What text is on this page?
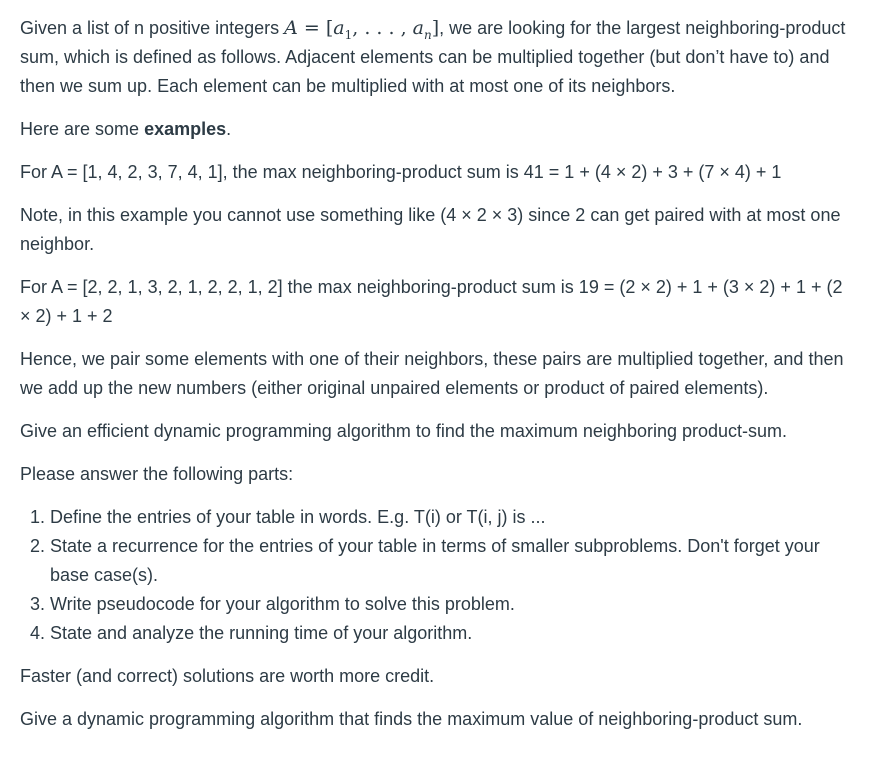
Given a list of n positive integers $A = [a_1$, . . . , $a_n$], we are looking for the largest neighboring-product sum, which is defined as follows. Adjacent elements can be multiplied together (but don’t have to) and then we sum up. Each element can be multiplied with at most one of its neighbors.

Here are some examples.

For A = [1, 4, 2, 3, 7, 4, 1], the max neighboring-product sum is 41 = 1 + (4 × 2) + 3 + (7 × 4) + 1

Note, in this example you cannot use something like (4 × 2 × 3) since 2 can get paired with at most one neighbor.

For A = [2, 2, 1, 3, 2, 1, 2, 2, 1, 2] the max neighboring-product sum is 19 = (2 × 2) + 1 + (3 × 2) + 1 + (2 × 2) + 1 + 2

Hence, we pair some elements with one of their neighbors, these pairs are multiplied together, and then we add up the new numbers (either original unpaired elements or product of paired elements).

Give an efficient dynamic programming algorithm to find the maximum neighboring product-sum.

Please answer the following parts:

1. Define the entries of your table in words. E.g. T(i) or T(i, j) is ...
2. State a recurrence for the entries of your table in terms of smaller subproblems. Don't forget your base case(s).
3. Write pseudocode for your algorithm to solve this problem.
4. State and analyze the running time of your algorithm.

Faster (and correct) solutions are worth more credit.

Give a dynamic programming algorithm that finds the maximum value of neighboring-product sum.
